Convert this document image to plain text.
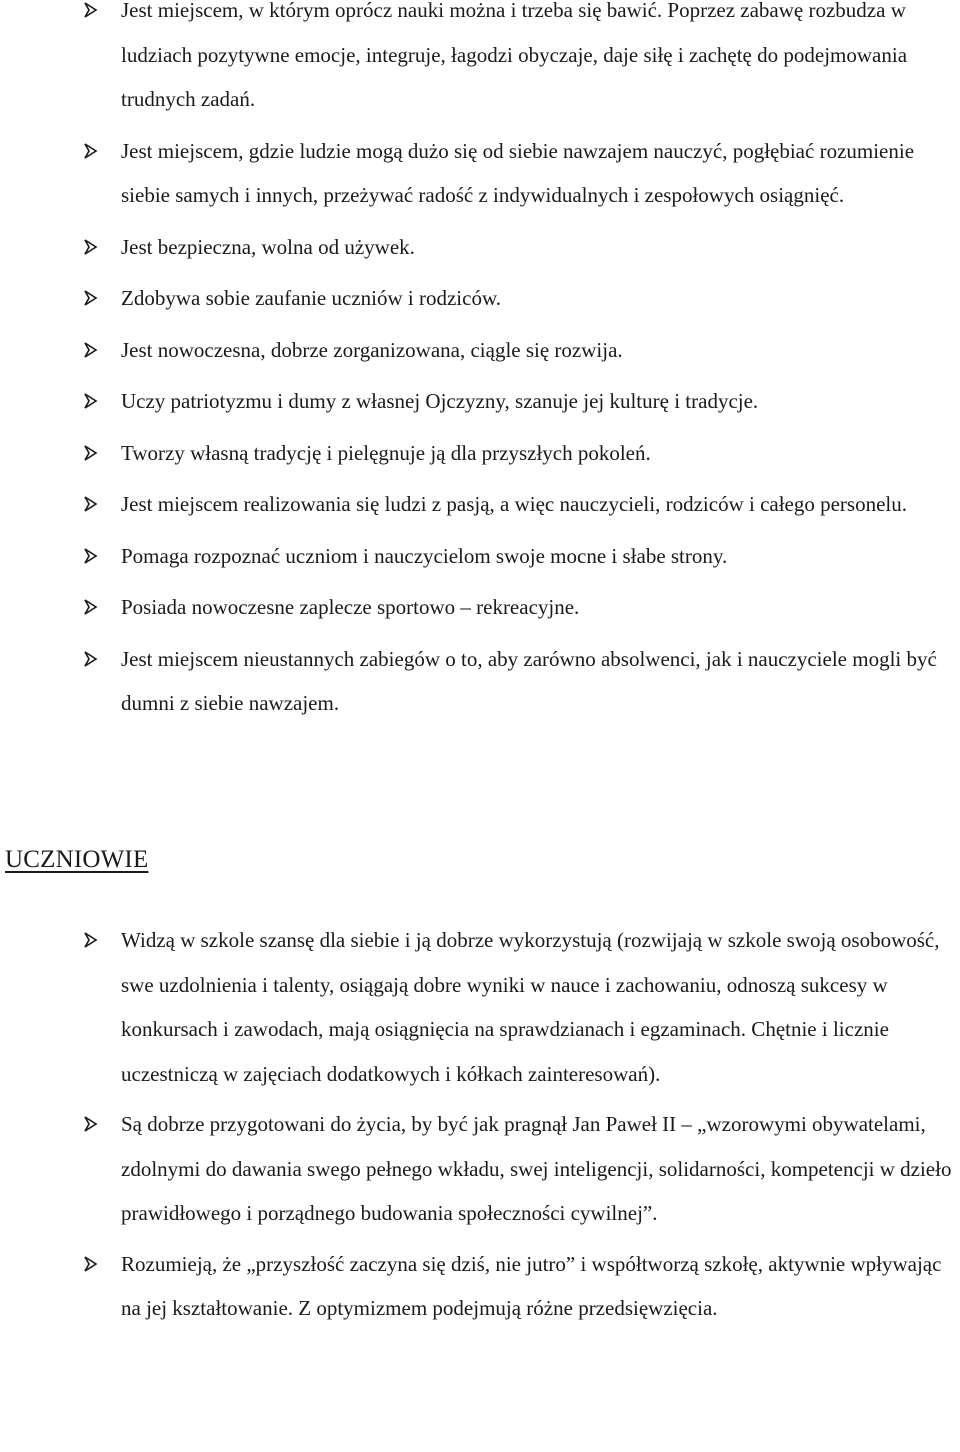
Jest miejscem, w którym oprócz nauki można i trzeba się bawić. Poprzez zabawę rozbudza w ludziach pozytywne emocje, integruje, łagodzi obyczaje, daje siłę i zachętę do podejmowania trudnych zadań.
Jest miejscem, gdzie ludzie mogą dużo się od siebie nawzajem nauczyć, pogłębiać rozumienie siebie samych i innych, przeżywać radość z indywidualnych i zespołowych osiągnięć.
Jest bezpieczna, wolna od używek.
Zdobywa sobie zaufanie uczniów i rodziców.
Jest nowoczesna, dobrze zorganizowana, ciągle się rozwija.
Uczy patriotyzmu i dumy z własnej Ojczyzny, szanuje jej kulturę i tradycje.
Tworzy własną tradycję i pielęgnuje ją dla przyszłych pokoleń.
Jest miejscem realizowania się ludzi z pasją, a więc nauczycieli, rodziców i całego personelu.
Pomaga rozpoznać uczniom i nauczycielom swoje mocne i słabe strony.
Posiada nowoczesne zaplecze sportowo – rekreacyjne.
Jest miejscem nieustannych zabiegów o to, aby zarówno absolwenci, jak i nauczyciele mogli być dumni z siebie nawzajem.
UCZNIOWIE
Widzą w szkole szansę dla siebie i ją dobrze wykorzystują (rozwijają w szkole swoją osobowość, swe uzdolnienia i talenty, osiągają dobre wyniki w nauce i zachowaniu, odnoszą sukcesy w konkursach i zawodach, mają osiągnięcia na sprawdzianach i egzaminach. Chętnie i licznie uczestniczą w zajęciach dodatkowych i kółkach zainteresowań).
Są dobrze przygotowani do życia, by być jak pragnął Jan Paweł II – „wzorowymi obywatelami, zdolnymi do dawania swego pełnego wkładu, swej inteligencji, solidarności, kompetencji w dzieło prawidłowego i porządnego budowania społeczności cywilnej”.
Rozumieją, że „przyszłość zaczyna się dziś, nie jutro” i współtworzą szkołę, aktywnie wpływając na jej kształtowanie. Z optymizmem podejmują różne przedsięwzięcia.
